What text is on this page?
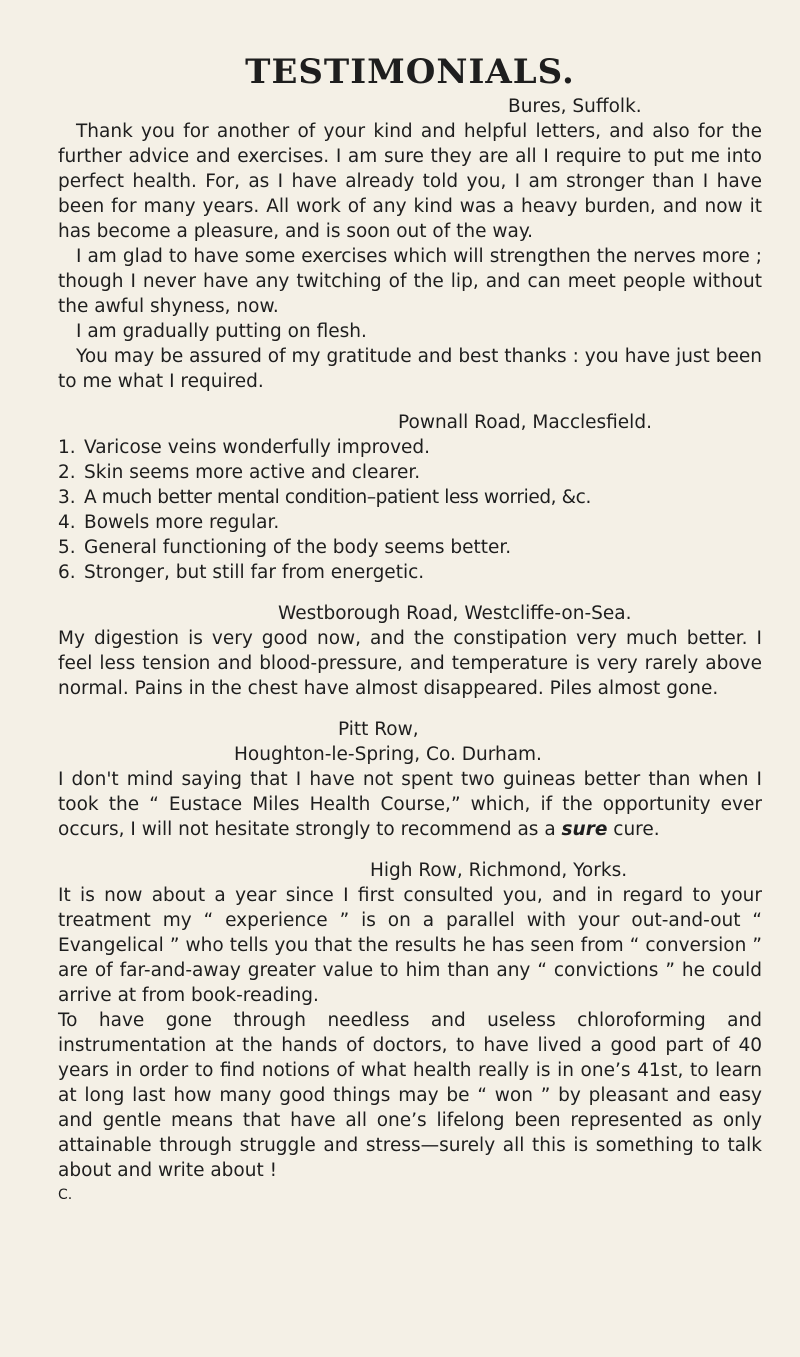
TESTIMONIALS.
Bures, Suffolk.

Thank you for another of your kind and helpful letters, and also for the further advice and exercises. I am sure they are all I require to put me into perfect health. For, as I have already told you, I am stronger than I have been for many years. All work of any kind was a heavy burden, and now it has become a pleasure, and is soon out of the way.

I am glad to have some exercises which will strengthen the nerves more ; though I never have any twitching of the lip, and can meet people without the awful shyness, now.

I am gradually putting on flesh.

You may be assured of my gratitude and best thanks : you have just been to me what I required.

Pownall Road, Macclesfield.
1. Varicose veins wonderfully improved.
2. Skin seems more active and clearer.
3. A much better mental condition–patient less worried, &c.
4. Bowels more regular.
5. General functioning of the body seems better.
6. Stronger, but still far from energetic.
Westborough Road, Westcliffe-on-Sea.

My digestion is very good now, and the constipation very much better. I feel less tension and blood-pressure, and temperature is very rarely above normal. Pains in the chest have almost disappeared. Piles almost gone.

Pitt Row,
Houghton-le-Spring, Co. Durham.

I don't mind saying that I have not spent two guineas better than when I took the “ Eustace Miles Health Course,” which, if the opportunity ever occurs, I will not hesitate strongly to recommend as a sure cure.

High Row, Richmond, Yorks.

It is now about a year since I first consulted you, and in regard to your treatment my “ experience ” is on a parallel with your out-and-out “ Evangelical ” who tells you that the results he has seen from “ conversion ” are of far-and-away greater value to him than any “ convictions ” he could arrive at from book-reading.

To have gone through needless and useless chloroforming and instrumentation at the hands of doctors, to have lived a good part of 40 years in order to find notions of what health really is in one’s 41st, to learn at long last how many good things may be “ won ” by pleasant and easy and gentle means that have all one’s lifelong been represented as only attainable through struggle and stress—surely all this is something to talk about and write about !

C.
